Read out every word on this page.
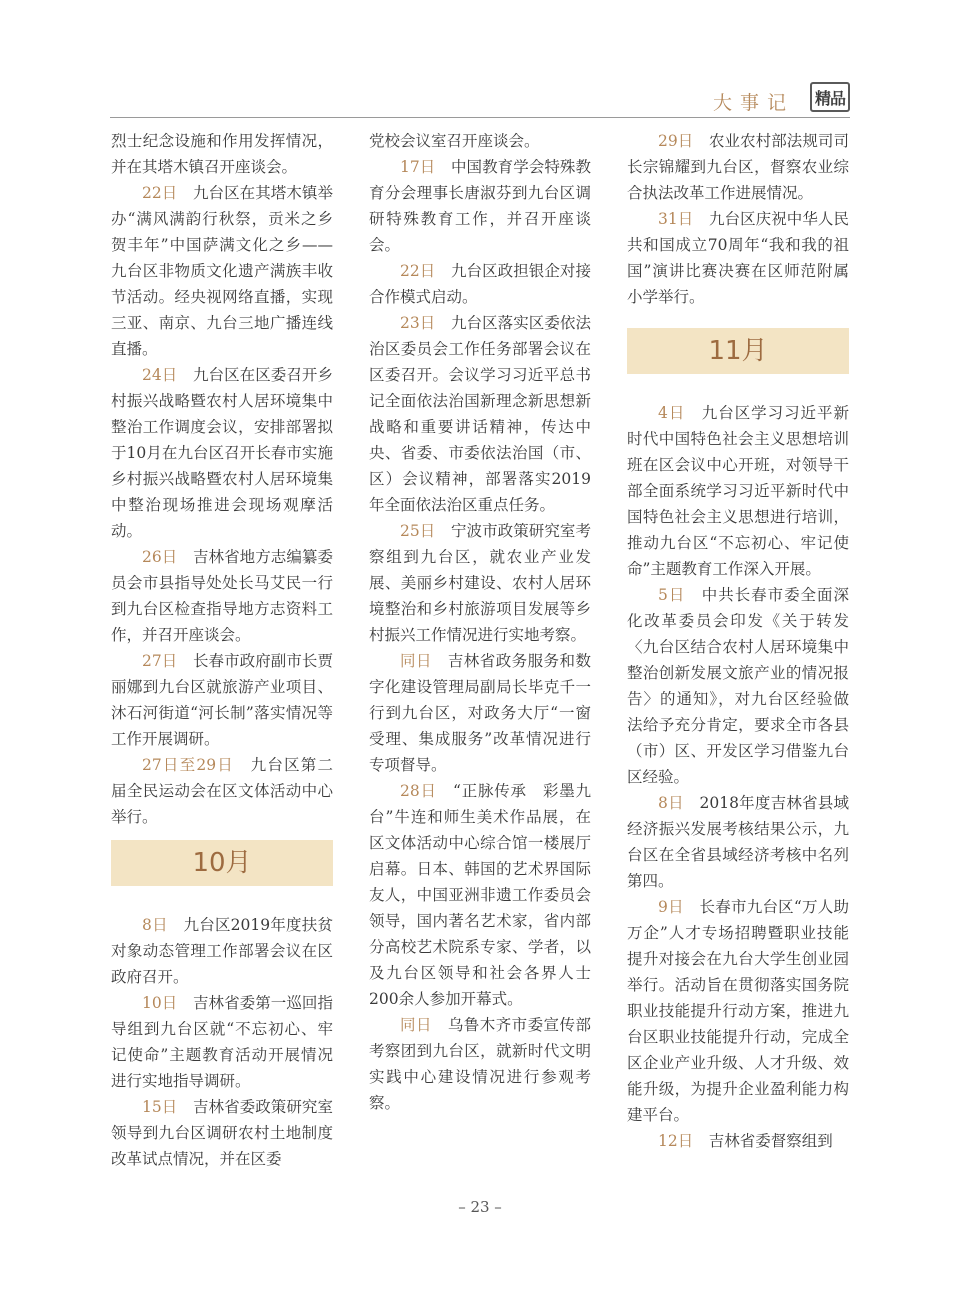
大事记	精品

烈士纪念设施和作用发挥情况，并在其塔木镇召开座谈会。

22日　 九台区在其塔木镇举办“满风满韵行秋祭，贡米之乡贺丰年”中国萨满文化之乡——九台区非物质文化遗产满族丰收节活动。经央视网络直播，实现三亚、南京、九台三地广播连线直播。

24日　 九台区在区委召开乡村振兴战略暨农村人居环境集中整治工作调度会议，安排部署拟于10月在九台区召开长春市实施乡村振兴战略暨农村人居环境集中整治现场推进会现场观摩活动。

26日　 吉林省地方志编纂委员会市县指导处处长马艾民一行到九台区检查指导地方志资料工作，并召开座谈会。

27日　 长春市政府副市长贾丽娜到九台区就旅游产业项目、沐石河街道“河长制”落实情况等工作开展调研。

27日至29日　 九台区第二届全民运动会在区文体活动中心举行。

10月

8日　 九台区2019年度扶贫对象动态管理工作部署会议在区政府召开。

10日　 吉林省委第一巡回指导组到九台区就“不忘初心、牢记使命”主题教育活动开展情况进行实地指导调研。

15日　 吉林省委政策研究室领导到九台区调研农村土地制度改革试点情况，并在区委

党校会议室召开座谈会。

17日　 中国教育学会特殊教育分会理事长唐淑芬到九台区调研特殊教育工作，并召开座谈会。

22日　 九台区政担银企对接合作模式启动。

23日　 九台区落实区委依法治区委员会工作任务部署会议在区委召开。会议学习习近平总书记全面依法治国新理念新思想新战略和重要讲话精神，传达中央、省委、市委依法治国（市、区）会议精神，部署落实2019年全面依法治区重点任务。

25日　 宁波市政策研究室考察组到九台区，就农业产业发展、美丽乡村建设、农村人居环境整治和乡村旅游项目发展等乡村振兴工作情况进行实地考察。

同日　 吉林省政务服务和数字化建设管理局副局长毕克千一行到九台区，对政务大厅“一窗受理、集成服务”改革情况进行专项督导。

28日　 “正脉传承　彩墨九台”牛连和师生美术作品展，在区文体活动中心综合馆一楼展厅启幕。日本、韩国的艺术界国际友人，中国亚洲非遗工作委员会领导，国内著名艺术家，省内部分高校艺术院系专家、学者，以及九台区领导和社会各界人士200余人参加开幕式。

同日　 乌鲁木齐市委宣传部考察团到九台区，就新时代文明实践中心建设情况进行参观考察。

29日　 农业农村部法规司司长宗锦耀到九台区，督察农业综合执法改革工作进展情况。

31日　 九台区庆祝中华人民共和国成立70周年“我和我的祖国”演讲比赛决赛在区师范附属小学举行。

11月

4日　 九台区学习习近平新时代中国特色社会主义思想培训班在区会议中心开班，对领导干部全面系统学习习近平新时代中国特色社会主义思想进行培训，推动九台区“不忘初心、牢记使命”主题教育工作深入开展。

5日　 中共长春市委全面深化改革委员会印发《关于转发〈九台区结合农村人居环境集中整治创新发展文旅产业的情况报告〉的通知》，对九台区经验做法给予充分肯定，要求全市各县（市）区、开发区学习借鉴九台区经验。

8日　 2018年度吉林省县域经济振兴发展考核结果公示，九台区在全省县域经济考核中名列第四。

9日　 长春市九台区“万人助万企”人才专场招聘暨职业技能提升对接会在九台大学生创业园举行。活动旨在贯彻落实国务院职业技能提升行动方案，推进九台区职业技能提升行动，完成全区企业产业升级、人才升级、效能升级，为提升企业盈利能力构建平台。

12日　 吉林省委督察组到

– 23 –
